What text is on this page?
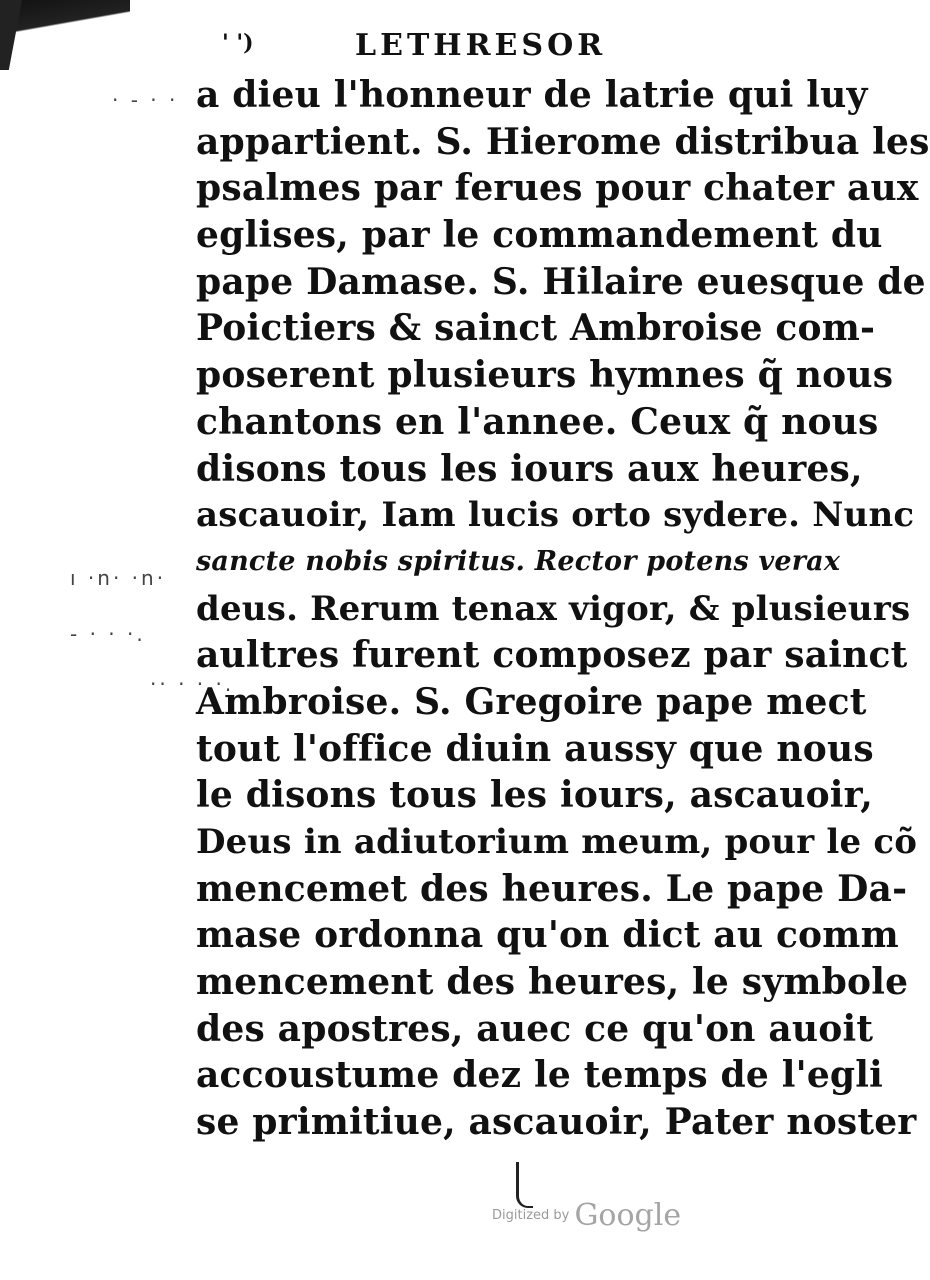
' ')	LETHRESOR
· - · ·
ı ·n· ·n·
- · · ·.
·· · · ·.
a dieu l'honneur de latrie qui luy
appartient. S. Hierome distribua les
psalmes par ferues pour chater aux
eglises, par le commandement du
pape Damase. S. Hilaire euesque de
Poictiers & sainct Ambroise com-
poserent plusieurs hymnes q̃ nous
chantons en l'annee. Ceux q̃ nous
disons tous les iours aux heures,
ascauoir, Iam lucis orto sydere. Nunc
sancte nobis spiritus. Rector potens verax
deus. Rerum tenax vigor, & plusieurs
aultres furent composez par sainct
Ambroise. S. Gregoire pape mect
tout l'office diuin aussy que nous
le disons tous les iours, ascauoir,
Deus in adiutorium meum, pour le cõ
mencemet des heures. Le pape Da-
mase ordonna qu'on dict au comm
mencement des heures, le symbole
des apostres, auec ce qu'on auoit
accoustume dez le temps de l'egli
se primitiue, ascauoir, Pater noster
Digitized by Google
